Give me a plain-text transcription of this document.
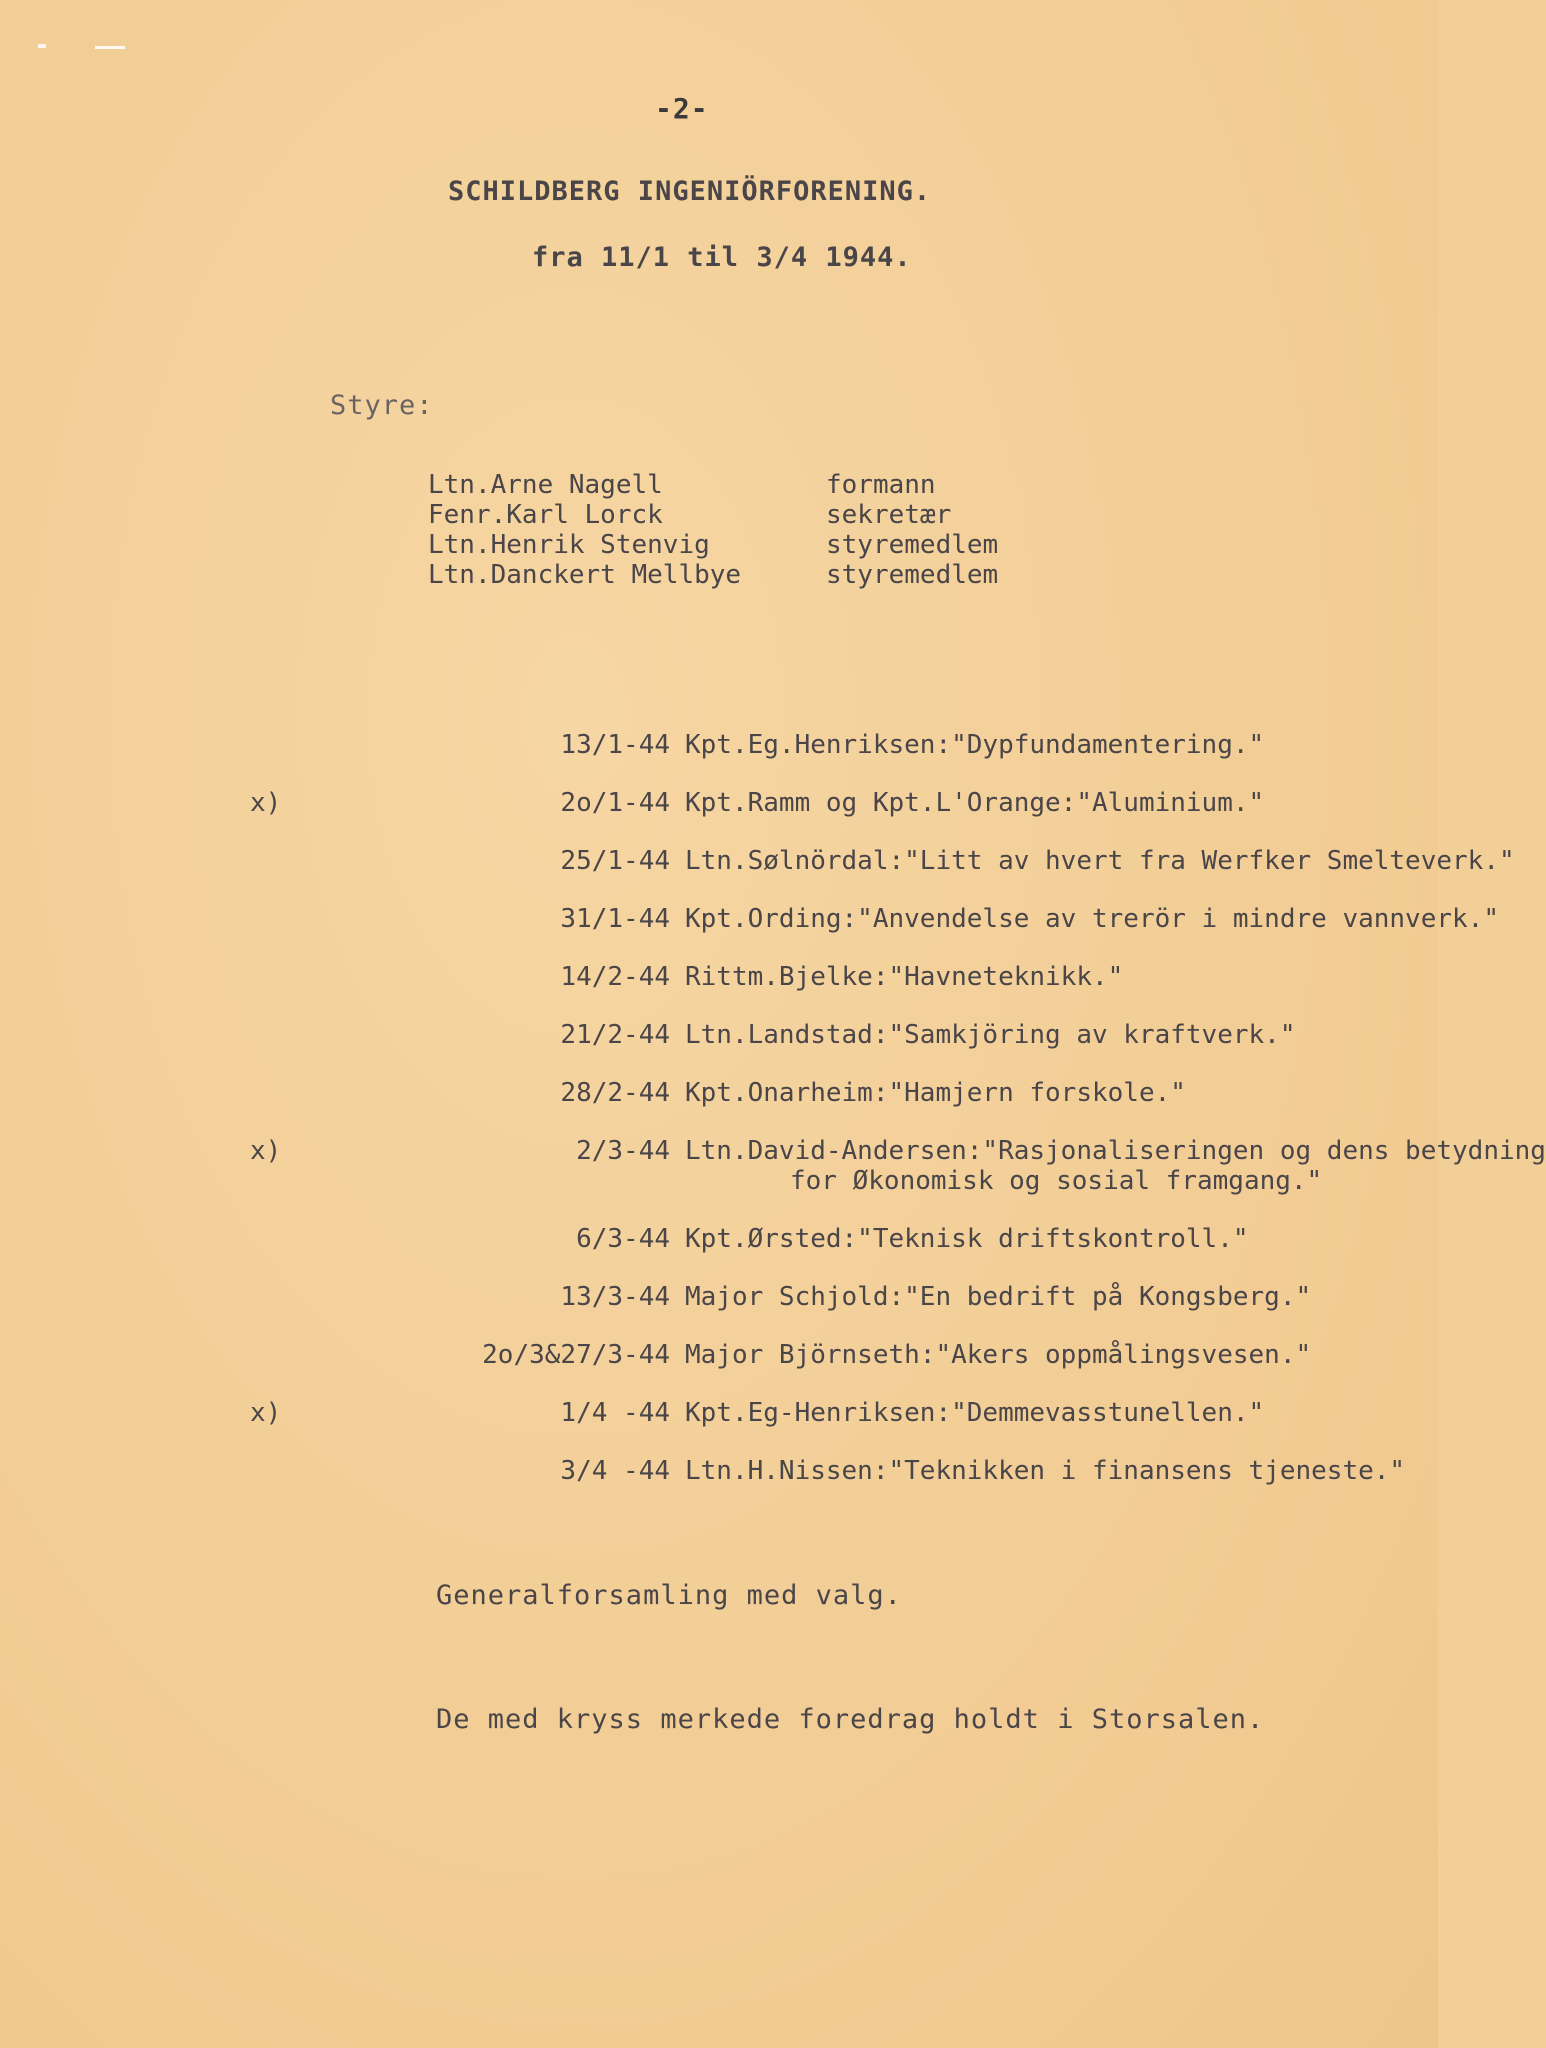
-2-
SCHILDBERG INGENIÖRFORENING.
fra 11/1 til 3/4 1944.
Styre:
Ltn.Arne Nagell	formann
Fenr.Karl Lorck	sekretær
Ltn.Henrik Stenvig	styremedlem
Ltn.Danckert Mellbye	styremedlem
13/1-44 Kpt.Eg.Henriksen:"Dypfundamentering."
x)	2o/1-44 Kpt.Ramm og Kpt.L'Orange:"Aluminium."
25/1-44 Ltn.Sølnördal:"Litt av hvert fra Werfker Smelteverk."
31/1-44 Kpt.Ording:"Anvendelse av trerör i mindre vannverk."
14/2-44 Rittm.Bjelke:"Havneteknikk."
21/2-44 Ltn.Landstad:"Samkjöring av kraftverk."
28/2-44 Kpt.Onarheim:"Hamjern forskole."
x)	2/3-44 Ltn.David-Andersen:"Rasjonaliseringen og dens betydning
for Økonomisk og sosial framgang."
6/3-44 Kpt.Ørsted:"Teknisk driftskontroll."
13/3-44 Major Schjold:"En bedrift på Kongsberg."
2o/3&27/3-44 Major Björnseth:"Akers oppmålingsvesen."
x)	1/4 -44 Kpt.Eg-Henriksen:"Demmevasstunellen."
3/4 -44 Ltn.H.Nissen:"Teknikken i finansens tjeneste."
Generalforsamling med valg.
De med kryss merkede foredrag holdt i Storsalen.
